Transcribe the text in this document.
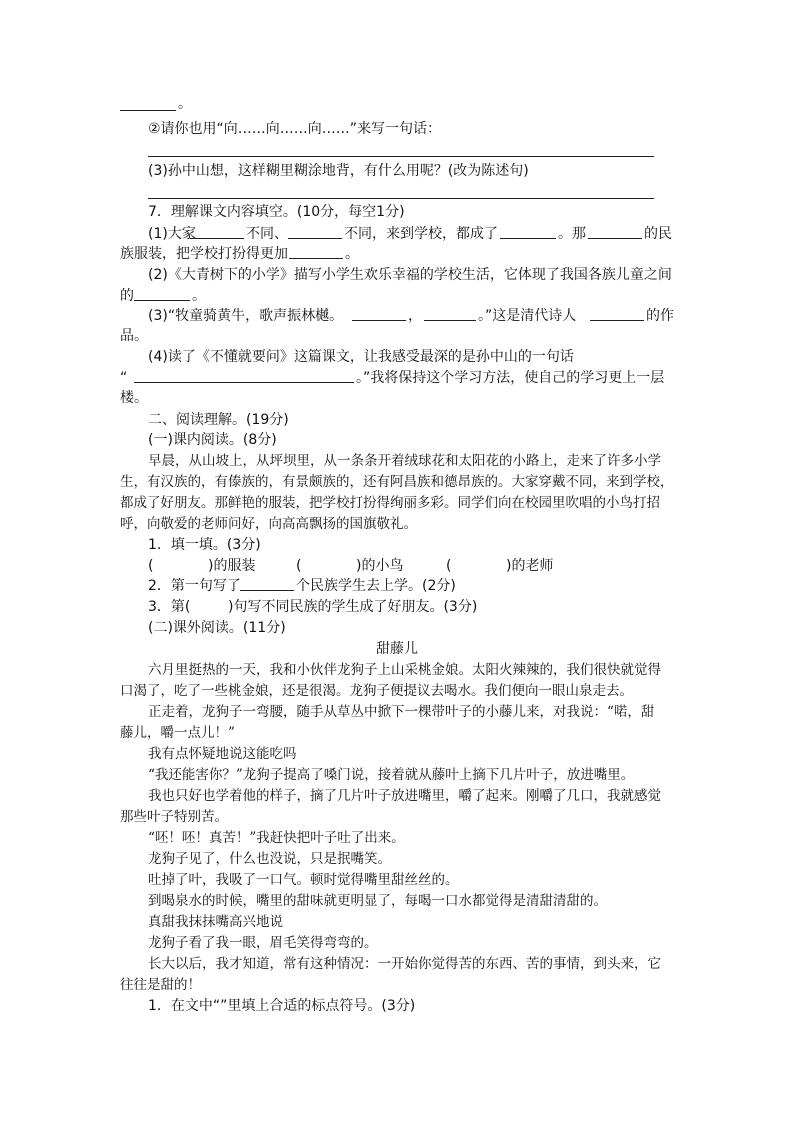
。
②请你也用“向……向……向……”来写一句话：
(3)孙中山想，这样糊里糊涂地背，有什么用呢？(改为陈述句)
7．理解课文内容填空。(10分，每空1分)
(1)大家	不同、	不同，来到学校，都成了	。那	的民
族服装，把学校打扮得更加	。
(2)《大青树下的小学》描写小学生欢乐幸福的学校生活，它体现了我国各族儿童之间
的	。
(3)“牧童骑黄牛，歌声振林樾。	，	。”这是清代诗人	的作
品。
(4)读了《不懂就要问》这篇课文，让我感受最深的是孙中山的一句话
“	。”我将保持这个学习方法，使自己的学习更上一层
楼。
二、阅读理解。(19分)
(一)课内阅读。(8分)
早晨，从山坡上，从坪坝里，从一条条开着绒球花和太阳花的小路上，走来了许多小学
生，有汉族的，有傣族的，有景颇族的，还有阿昌族和德昂族的。大家穿戴不同，来到学校，
都成了好朋友。那鲜艳的服装，把学校打扮得绚丽多彩。同学们向在校园里吹唱的小鸟打招
呼，向敬爱的老师问好，向高高飘扬的国旗敬礼。
1．填一填。(3分)
(	)的服装	(	)的小鸟	(	)的老师
2．第一句写了	个民族学生去上学。(2分)
3．第(	)句写不同民族的学生成了好朋友。(3分)
(二)课外阅读。(11分)
甜藤儿
六月里挺热的一天，我和小伙伴龙狗子上山采桃金娘。太阳火辣辣的，我们很快就觉得
口渴了，吃了一些桃金娘，还是很渴。龙狗子便提议去喝水。我们便向一眼山泉走去。
正走着，龙狗子一弯腰，随手从草丛中掀下一棵带叶子的小藤儿来，对我说：“喏，甜
藤儿，嚼一点儿！”
我有点怀疑地说这能吃吗
“我还能害你？”龙狗子提高了嗓门说，接着就从藤叶上摘下几片叶子，放进嘴里。
我也只好也学着他的样子，摘了几片叶子放进嘴里，嚼了起来。刚嚼了几口，我就感觉
那些叶子特别苦。
“呸！呸！真苦！”我赶快把叶子吐了出来。
龙狗子见了，什么也没说，只是抿嘴笑。
吐掉了叶，我吸了一口气。顿时觉得嘴里甜丝丝的。
到喝泉水的时候，嘴里的甜味就更明显了，每喝一口水都觉得是清甜清甜的。
真甜我抹抹嘴高兴地说
龙狗子看了我一眼，眉毛笑得弯弯的。
长大以后，我才知道，常有这种情况：一开始你觉得苦的东西、苦的事情，到头来，它
往往是甜的！
1．在文中“”里填上合适的标点符号。(3分)
